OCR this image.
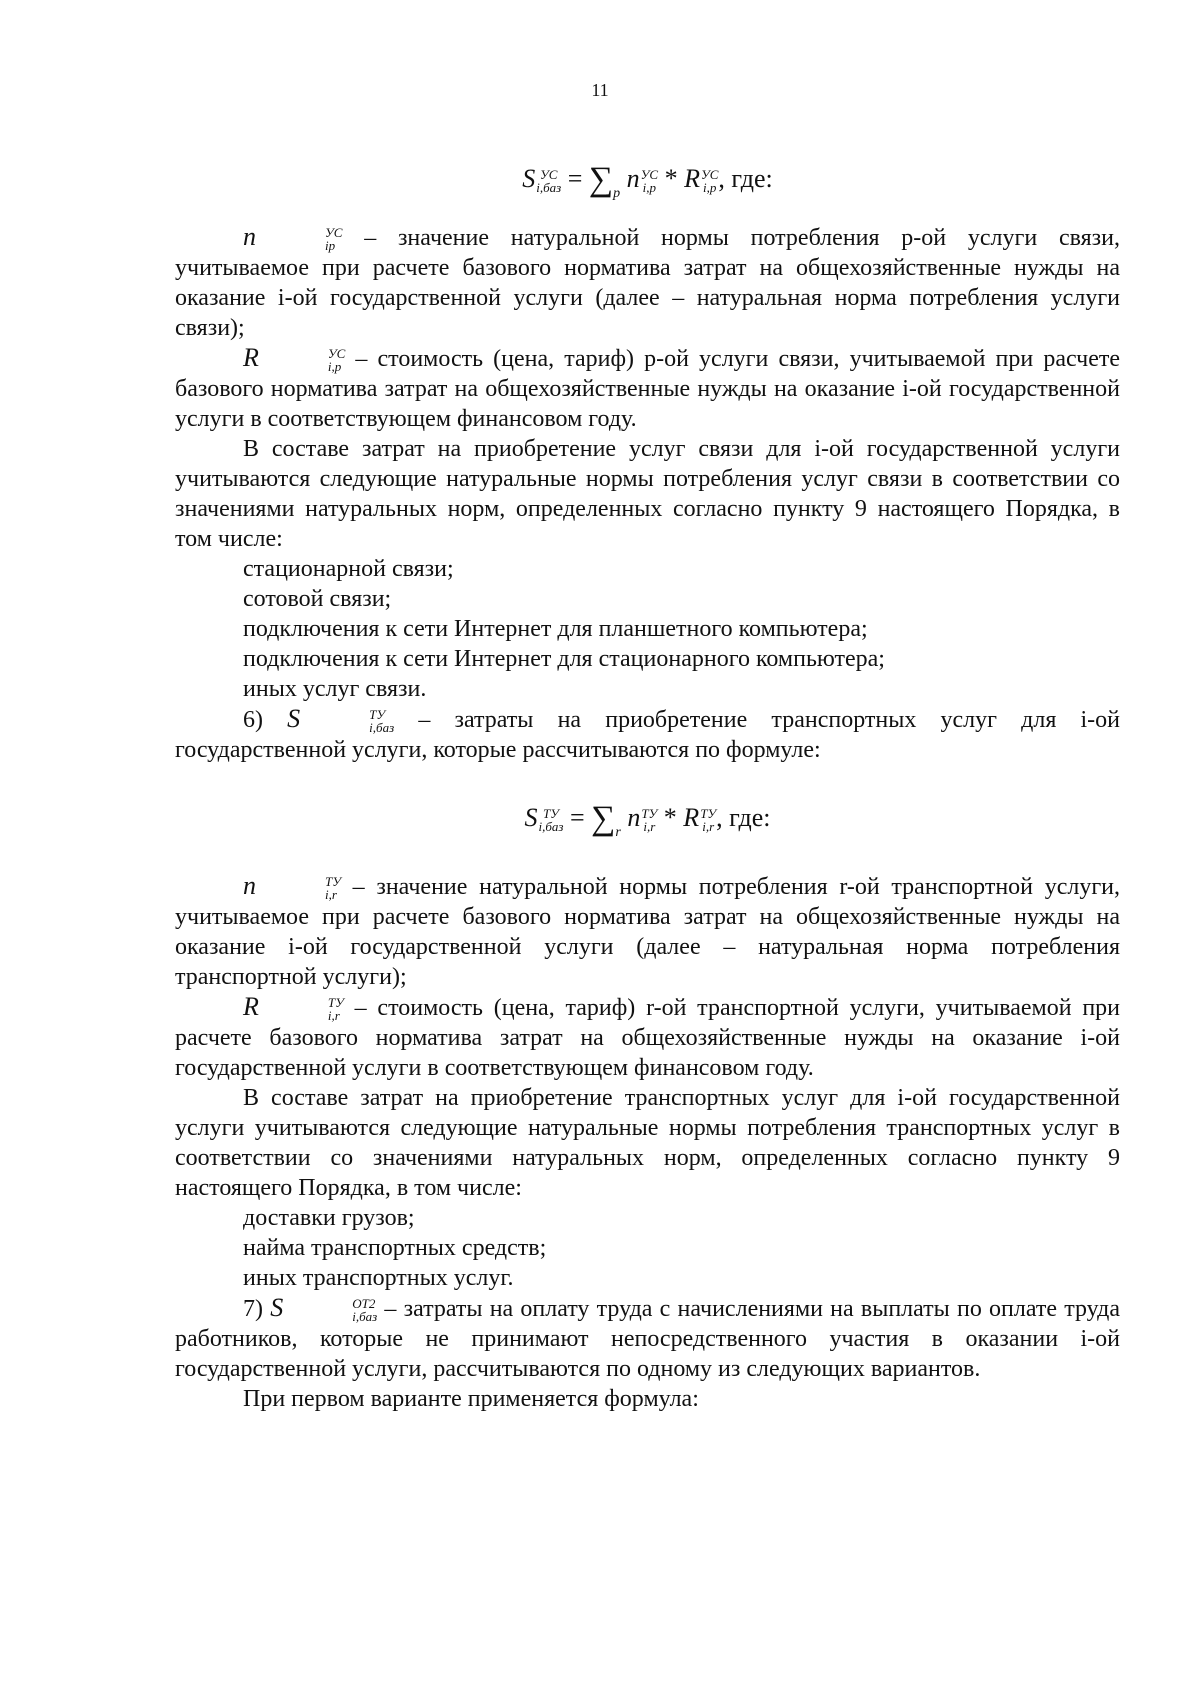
11
S УС
$i,баз = \sum_p$ n УС
i,p * R УС
i,p , где:

n	УС
ip	– значение натуральной нормы потребления p-ой услуги связи, учитываемое при расчете базового норматива затрат на общехозяйственные нужды на оказание i-ой государственной услуги (далее – натуральная норма потребления услуги связи);

R	УС
i,p – стоимость (цена, тариф) p-ой услуги связи, учитываемой при расчете базового норматива затрат на общехозяйственные нужды на оказание i-ой государственной услуги в соответствующем финансовом году.

В составе затрат на приобретение услуг связи для i-ой государственной услуги учитываются следующие натуральные нормы потребления услуг связи в соответствии со значениями натуральных норм, определенных согласно пункту 9 настоящего Порядка, в том числе:

стационарной связи;

сотовой связи;

подключения к сети Интернет для планшетного компьютера;

подключения к сети Интернет для стационарного компьютера;

иных услуг связи.

6) S	ТУ
i,баз – затраты на приобретение транспортных услуг для i-ой государственной услуги, которые рассчитываются по формуле:

S ТУ
$i,баз = \sum_r$ n ТУ
i,r * R ТУ
i,r , где:

n	ТУ
i,r – значение натуральной нормы потребления r-ой транспортной услуги, учитываемое при расчете базового норматива затрат на общехозяйственные нужды на оказание i-ой государственной услуги (далее – натуральная норма потребления транспортной услуги);

R	ТУ
i,r – стоимость (цена, тариф) r-ой транспортной услуги, учитываемой при расчете базового норматива затрат на общехозяйственные нужды на оказание i-ой государственной услуги в соответствующем финансовом году.

В составе затрат на приобретение транспортных услуг для i-ой государственной услуги учитываются следующие натуральные нормы потребления транспортных услуг в соответствии со значениями натуральных норм, определенных согласно пункту 9 настоящего Порядка, в том числе:

доставки грузов;

найма транспортных средств;

иных транспортных услуг.

7) S	ОТ2
i,баз – затраты на оплату труда с начислениями на выплаты по оплате труда работников, которые не принимают непосредственного участия в оказании i-ой государственной услуги, рассчитываются по одному из следующих вариантов.

При первом варианте применяется формула:
